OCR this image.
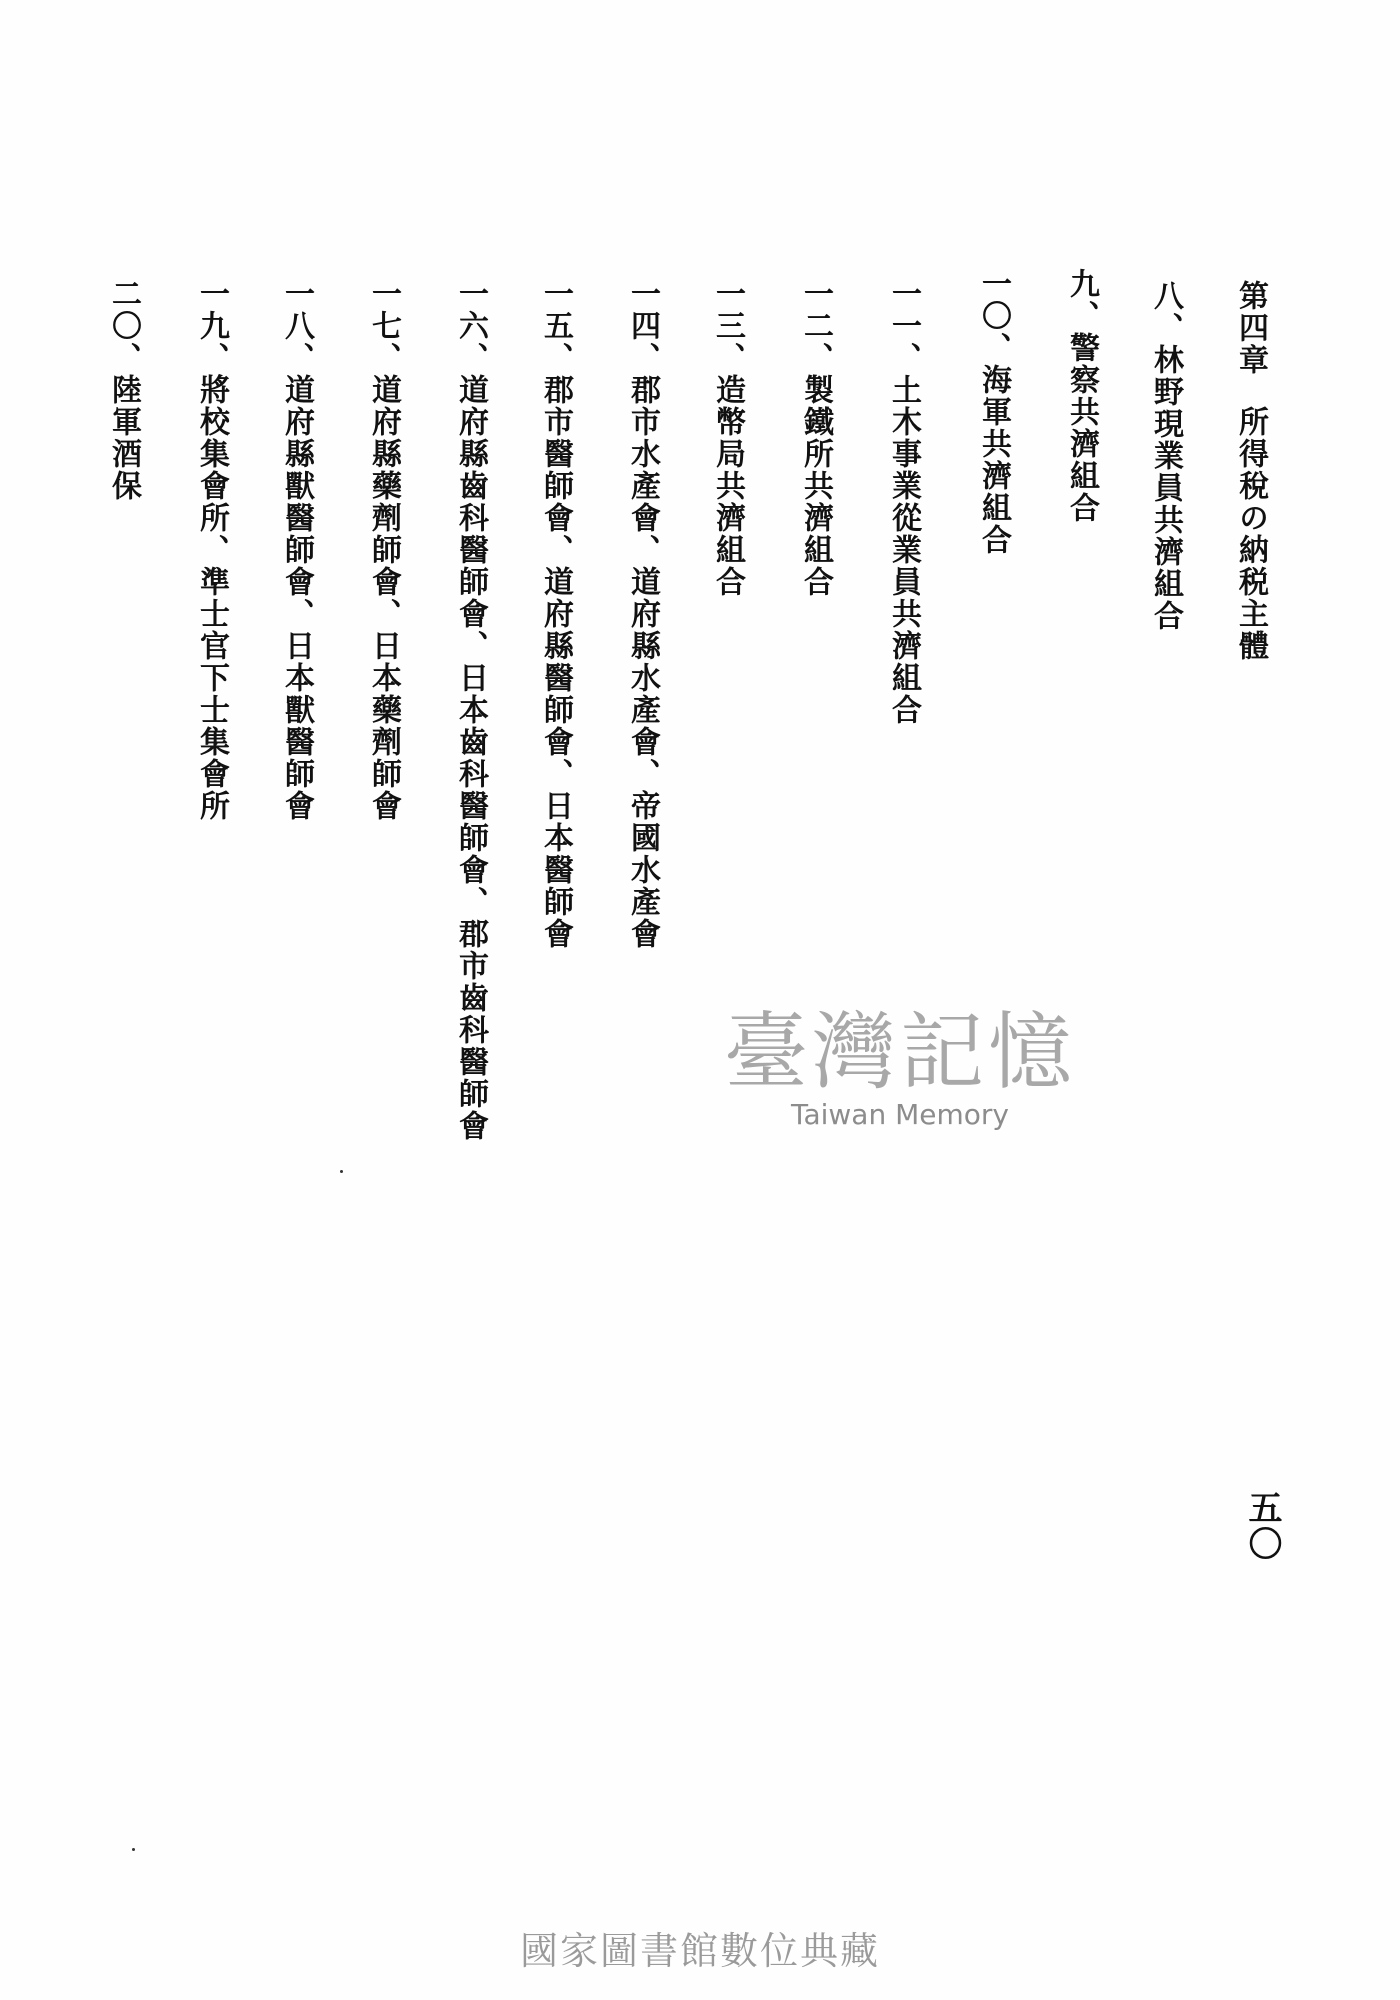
第四章所得稅の納税主體
八、林野現業員共濟組合
九、警察共濟組合
一〇、海軍共濟組合
一一、土木事業從業員共濟組合
一二、製鐵所共濟組合
一三、造幣局共濟組合
一四、郡市水產會、道府縣水產會、帝國水產會
一五、郡市醫師會、道府縣醫師會、日本醫師會
一六、道府縣齒科醫師會、日本齒科醫師會、郡市齒科醫師會
一七、道府縣藥劑師會、日本藥劑師會
一八、道府縣獸醫師會、日本獸醫師會
一九、將校集會所、準士官下士集會所
二〇、陸軍酒保
五〇
臺灣記憶
Taiwan Memory
國家圖書館數位典藏
